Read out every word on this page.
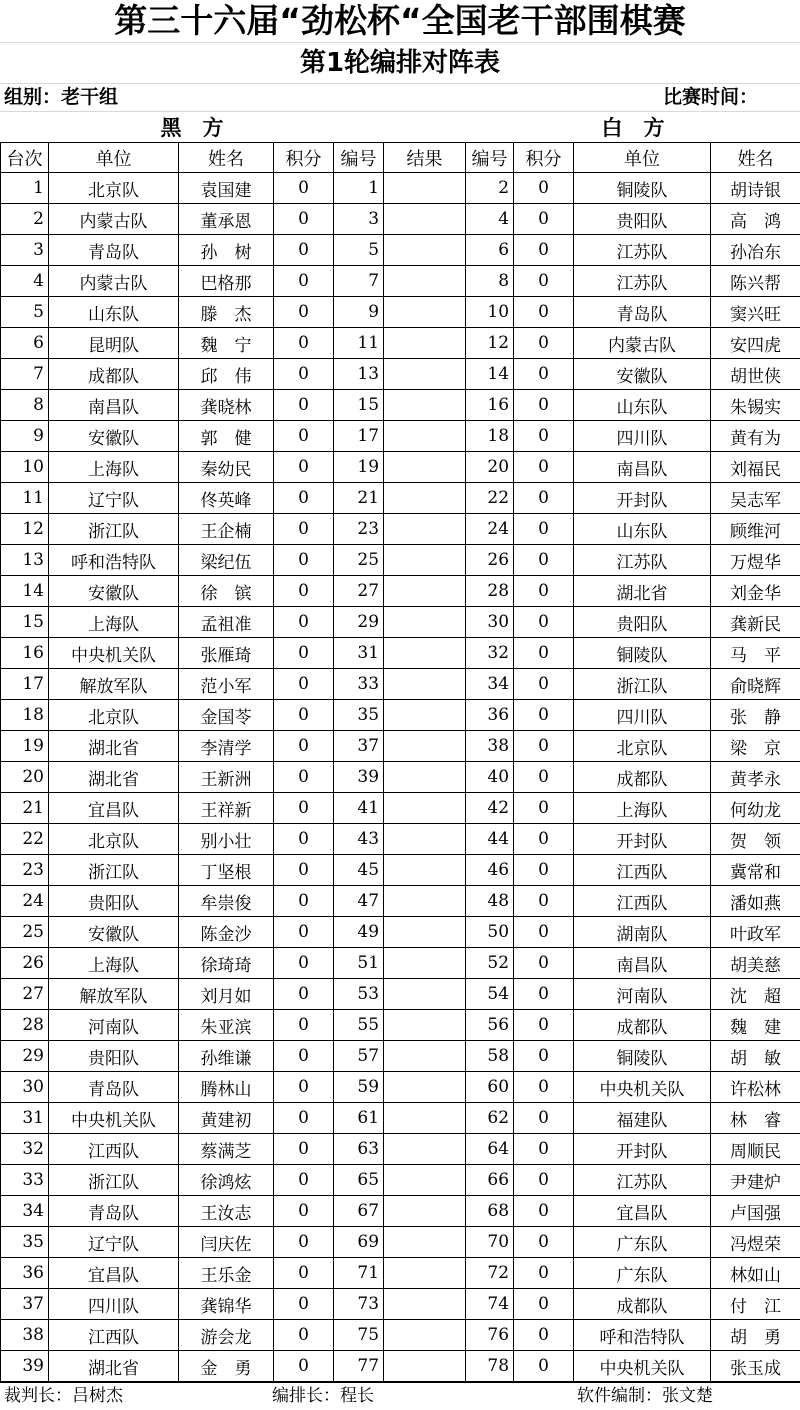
第三十六届“劲松杯“全国老干部围棋赛
第1轮编排对阵表
组别：老干组	比赛时间：
黑　方						白　方			
台次	单位	姓名	积分	编号	结果	编号	积分	单位	姓名
1	北京队	袁国建	0	1		2	0	铜陵队	胡诗银
2	内蒙古队	董承恩	0	3		4	0	贵阳队	高　鸿
3	青岛队	孙　树	0	5		6	0	江苏队	孙冶东
4	内蒙古队	巴格那	0	7		8	0	江苏队	陈兴帮
5	山东队	滕　杰	0	9		10	0	青岛队	窦兴旺
6	昆明队	魏　宁	0	11		12	0	内蒙古队	安四虎
7	成都队	邱　伟	0	13		14	0	安徽队	胡世侠
8	南昌队	龚晓林	0	15		16	0	山东队	朱锡实
9	安徽队	郭　健	0	17		18	0	四川队	黄有为
10	上海队	秦幼民	0	19		20	0	南昌队	刘福民
11	辽宁队	佟英峰	0	21		22	0	开封队	吴志军
12	浙江队	王企楠	0	23		24	0	山东队	顾维河
13	呼和浩特队	梁纪伍	0	25		26	0	江苏队	万煜华
14	安徽队	徐　镔	0	27		28	0	湖北省	刘金华
15	上海队	孟祖准	0	29		30	0	贵阳队	龚新民
16	中央机关队	张雁琦	0	31		32	0	铜陵队	马　平
17	解放军队	范小军	0	33		34	0	浙江队	俞晓辉
18	北京队	金国苓	0	35		36	0	四川队	张　静
19	湖北省	李清学	0	37		38	0	北京队	梁　京
20	湖北省	王新洲	0	39		40	0	成都队	黄孝永
21	宜昌队	王祥新	0	41		42	0	上海队	何幼龙
22	北京队	别小壮	0	43		44	0	开封队	贺　领
23	浙江队	丁坚根	0	45		46	0	江西队	冀常和
24	贵阳队	牟崇俊	0	47		48	0	江西队	潘如燕
25	安徽队	陈金沙	0	49		50	0	湖南队	叶政军
26	上海队	徐琦琦	0	51		52	0	南昌队	胡美慈
27	解放军队	刘月如	0	53		54	0	河南队	沈　超
28	河南队	朱亚滨	0	55		56	0	成都队	魏　建
29	贵阳队	孙维谦	0	57		58	0	铜陵队	胡　敏
30	青岛队	腾林山	0	59		60	0	中央机关队	许松林
31	中央机关队	黄建初	0	61		62	0	福建队	林　睿
32	江西队	蔡满芝	0	63		64	0	开封队	周顺民
33	浙江队	徐鸿炫	0	65		66	0	江苏队	尹建炉
34	青岛队	王汝志	0	67		68	0	宜昌队	卢国强
35	辽宁队	闫庆佐	0	69		70	0	广东队	冯煜荣
36	宜昌队	王乐金	0	71		72	0	广东队	林如山
37	四川队	龚锦华	0	73		74	0	成都队	付　江
38	江西队	游会龙	0	75		76	0	呼和浩特队	胡　勇
39	湖北省	金　勇	0	77		78	0	中央机关队	张玉成
裁判长：吕树杰	编排长：程长	软件编制：张文楚
